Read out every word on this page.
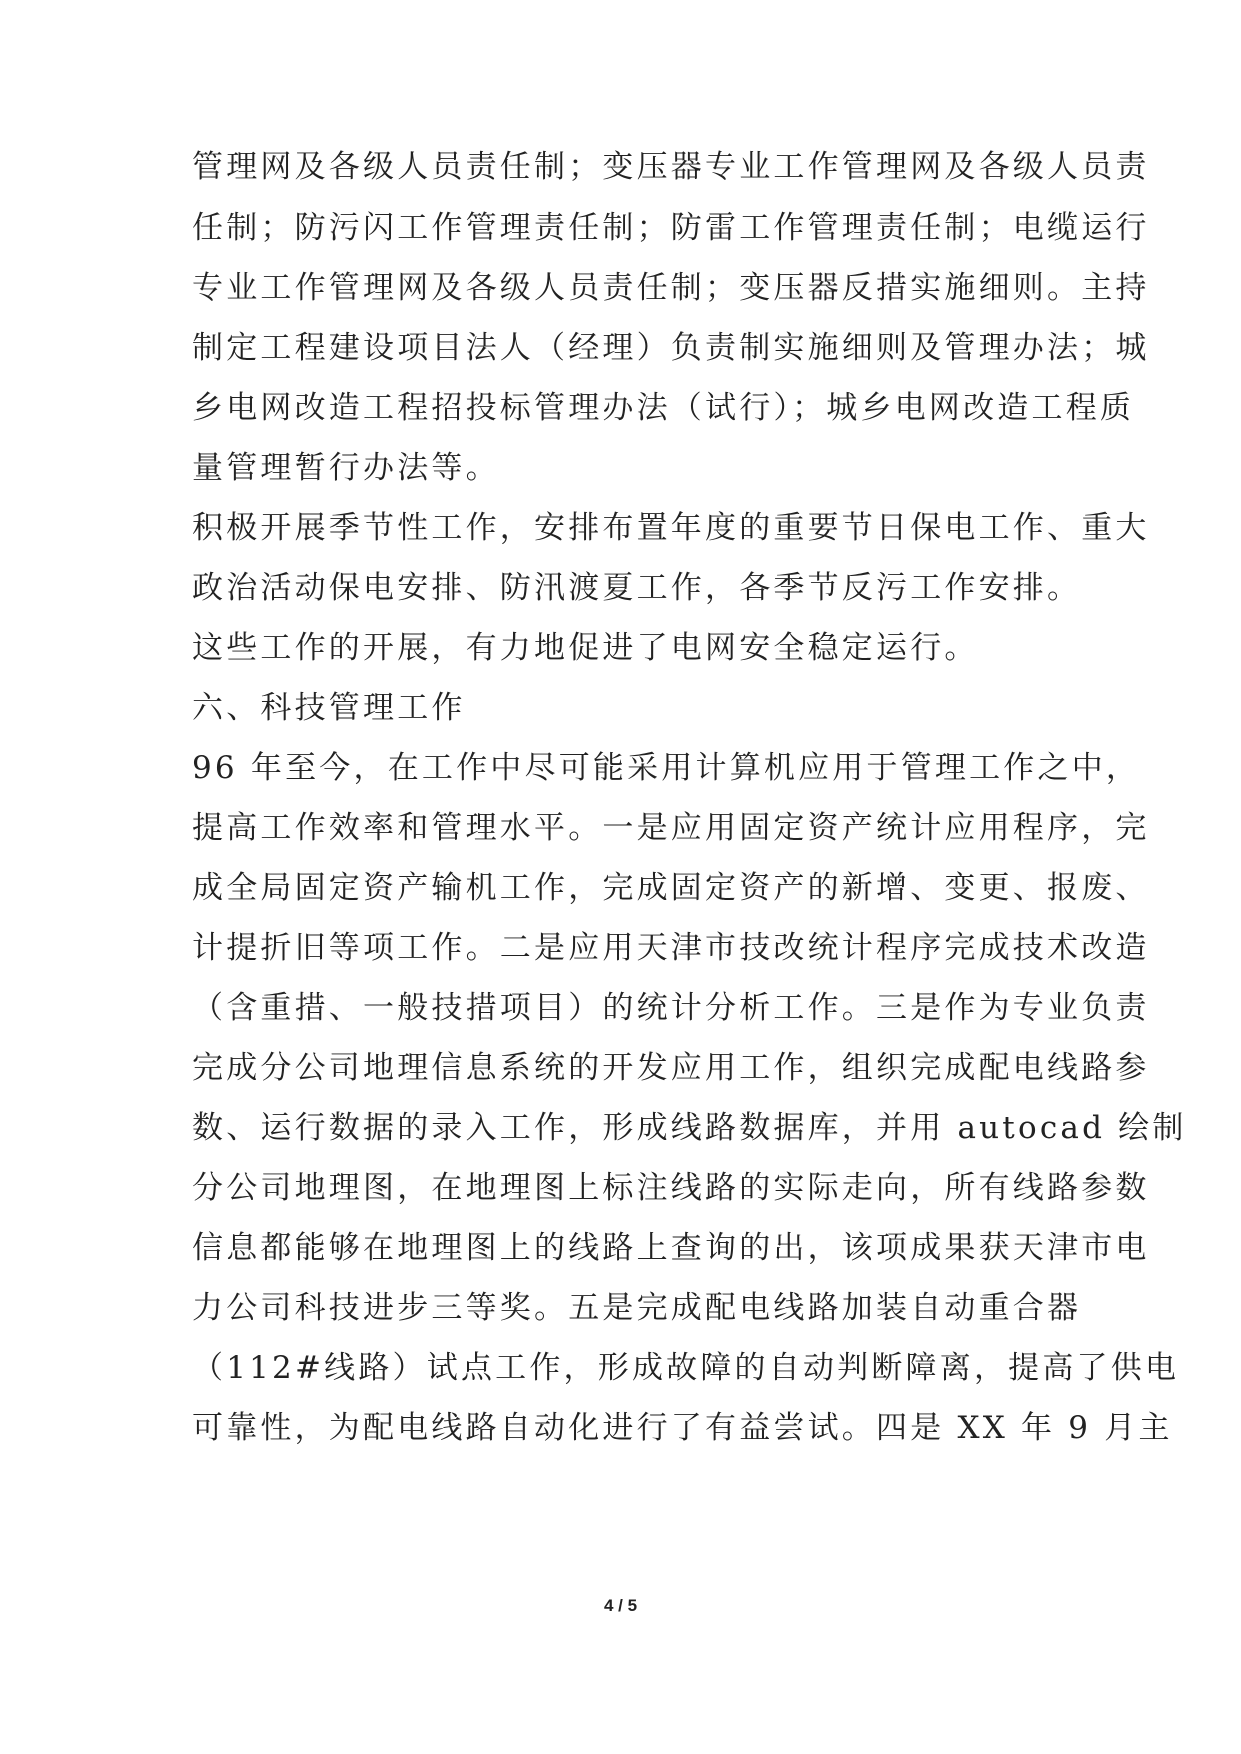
管理网及各级人员责任制；变压器专业工作管理网及各级人员责
任制；防污闪工作管理责任制；防雷工作管理责任制；电缆运行
专业工作管理网及各级人员责任制；变压器反措实施细则。主持
制定工程建设项目法人（经理）负责制实施细则及管理办法；城
乡电网改造工程招投标管理办法（试行）；城乡电网改造工程质
量管理暂行办法等。
积极开展季节性工作，安排布置年度的重要节日保电工作、重大
政治活动保电安排、防汛渡夏工作，各季节反污工作安排。
这些工作的开展，有力地促进了电网安全稳定运行。
六、科技管理工作
96 年至今，在工作中尽可能采用计算机应用于管理工作之中，
提高工作效率和管理水平。一是应用固定资产统计应用程序，完
成全局固定资产输机工作，完成固定资产的新增、变更、报废、
计提折旧等项工作。二是应用天津市技改统计程序完成技术改造
（含重措、一般技措项目）的统计分析工作。三是作为专业负责
完成分公司地理信息系统的开发应用工作，组织完成配电线路参
数、运行数据的录入工作，形成线路数据库，并用 autocad 绘制
分公司地理图，在地理图上标注线路的实际走向，所有线路参数
信息都能够在地理图上的线路上查询的出，该项成果获天津市电
力公司科技进步三等奖。五是完成配电线路加装自动重合器
（112#线路）试点工作，形成故障的自动判断障离，提高了供电
可靠性，为配电线路自动化进行了有益尝试。四是 XX 年 9 月主
4 / 5
